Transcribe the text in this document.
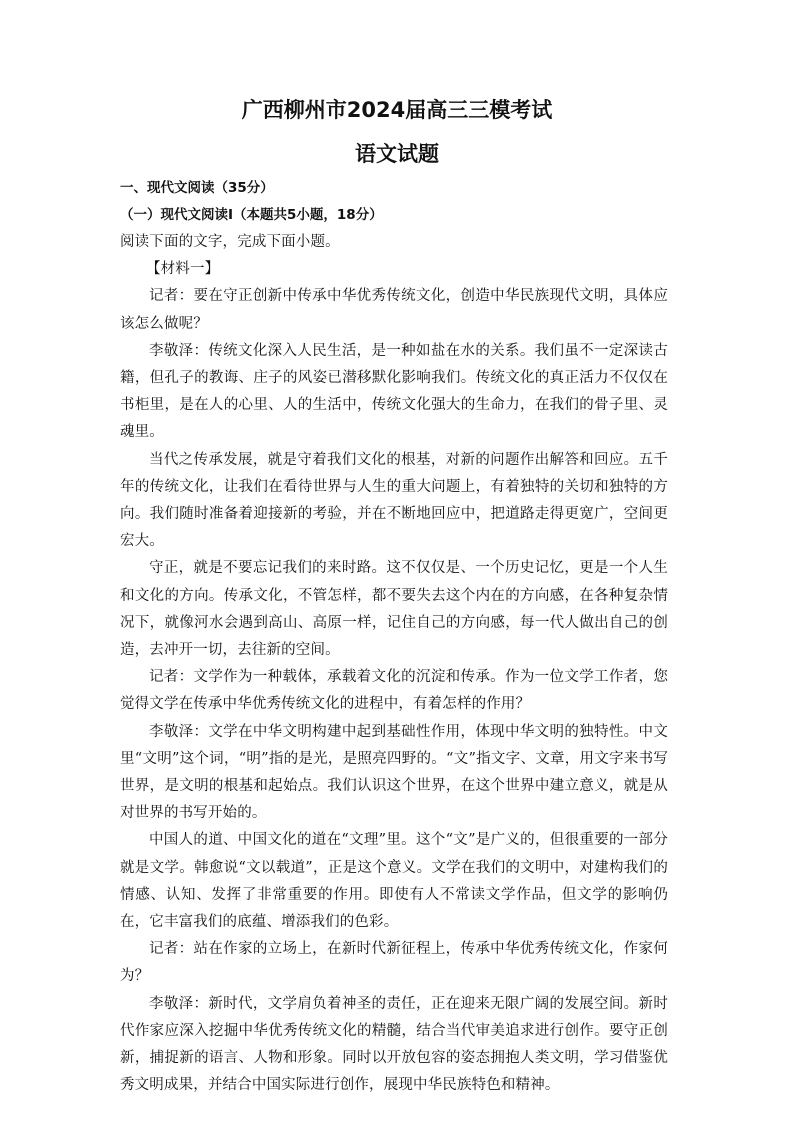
广西柳州市2024届高三三模考试
语文试题
一、现代文阅读（35分）
（一）现代文阅读Ⅰ（本题共5小题，18分）

阅读下面的文字，完成下面小题。

【材料一】

记者：要在守正创新中传承中华优秀传统文化，创造中华民族现代文明，具体应该怎么做呢？

李敬泽：传统文化深入人民生活，是一种如盐在水的关系。我们虽不一定深读古籍，但孔子的教诲、庄子的风姿已潜移默化影响我们。传统文化的真正活力不仅仅在书柜里，是在人的心里、人的生活中，传统文化强大的生命力，在我们的骨子里、灵魂里。

当代之传承发展，就是守着我们文化的根基，对新的问题作出解答和回应。五千年的传统文化，让我们在看待世界与人生的重大问题上，有着独特的关切和独特的方向。我们随时准备着迎接新的考验，并在不断地回应中，把道路走得更宽广，空间更宏大。

守正，就是不要忘记我们的来时路。这不仅仅是、一个历史记忆，更是一个人生和文化的方向。传承文化，不管怎样，都不要失去这个内在的方向感，在各种复杂情况下，就像河水会遇到高山、高原一样，记住自己的方向感，每一代人做出自己的创造，去冲开一切，去往新的空间。

记者：文学作为一种载体，承载着文化的沉淀和传承。作为一位文学工作者，您觉得文学在传承中华优秀传统文化的进程中，有着怎样的作用？

李敬泽：文学在中华文明构建中起到基础性作用，体现中华文明的独特性。中文里“文明”这个词，“明”指的是光，是照亮四野的。“文”指文字、文章，用文字来书写世界，是文明的根基和起始点。我们认识这个世界，在这个世界中建立意义，就是从对世界的书写开始的。

中国人的道、中国文化的道在“文理”里。这个“文”是广义的，但很重要的一部分就是文学。韩愈说“文以载道”，正是这个意义。文学在我们的文明中，对建构我们的情感、认知、发挥了非常重要的作用。即使有人不常读文学作品，但文学的影响仍在，它丰富我们的底蕴、增添我们的色彩。

记者：站在作家的立场上，在新时代新征程上，传承中华优秀传统文化，作家何为？

李敬泽：新时代，文学肩负着神圣的责任，正在迎来无限广阔的发展空间。新时代作家应深入挖掘中华优秀传统文化的精髓，结合当代审美追求进行创作。要守正创新，捕捉新的语言、人物和形象。同时以开放包容的姿态拥抱人类文明，学习借鉴优秀文明成果，并结合中国实际进行创作，展现中华民族特色和精神。
